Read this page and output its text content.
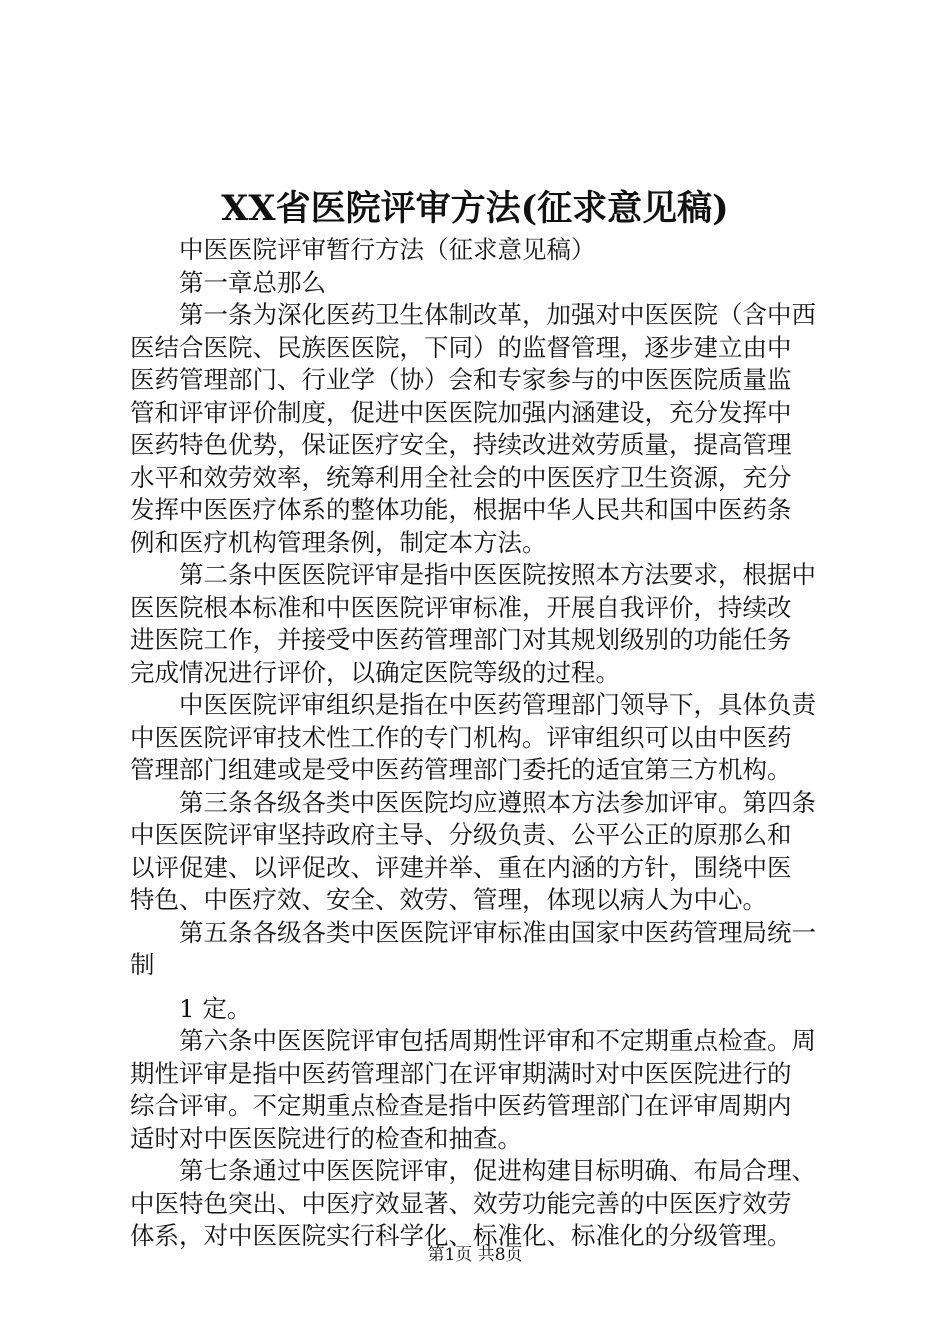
XX省医院评审方法(征求意见稿)
中医医院评审暂行方法（征求意见稿）
第一章总那么
第一条为深化医药卫生体制改革，加强对中医医院（含中西
医结合医院、民族医医院，下同）的监督管理，逐步建立由中
医药管理部门、行业学（协）会和专家参与的中医医院质量监
管和评审评价制度，促进中医医院加强内涵建设，充分发挥中
医药特色优势，保证医疗安全，持续改进效劳质量，提高管理
水平和效劳效率，统筹利用全社会的中医医疗卫生资源，充分
发挥中医医疗体系的整体功能，根据中华人民共和国中医药条
例和医疗机构管理条例，制定本方法。
第二条中医医院评审是指中医医院按照本方法要求，根据中
医医院根本标准和中医医院评审标准，开展自我评价，持续改
进医院工作，并接受中医药管理部门对其规划级别的功能任务
完成情况进行评价，以确定医院等级的过程。
中医医院评审组织是指在中医药管理部门领导下，具体负责
中医医院评审技术性工作的专门机构。评审组织可以由中医药
管理部门组建或是受中医药管理部门委托的适宜第三方机构。
第三条各级各类中医医院均应遵照本方法参加评审。第四条
中医医院评审坚持政府主导、分级负责、公平公正的原那么和
以评促建、以评促改、评建并举、重在内涵的方针，围绕中医
特色、中医疗效、安全、效劳、管理，体现以病人为中心。
第五条各级各类中医医院评审标准由国家中医药管理局统一
制
1 定。
第六条中医医院评审包括周期性评审和不定期重点检查。周
期性评审是指中医药管理部门在评审期满时对中医医院进行的
综合评审。不定期重点检查是指中医药管理部门在评审周期内
适时对中医医院进行的检查和抽查。
第七条通过中医医院评审，促进构建目标明确、布局合理、
中医特色突出、中医疗效显著、效劳功能完善的中医医疗效劳
体系，对中医医院实行科学化、标准化、标准化的分级管理。
第1页 共8页
